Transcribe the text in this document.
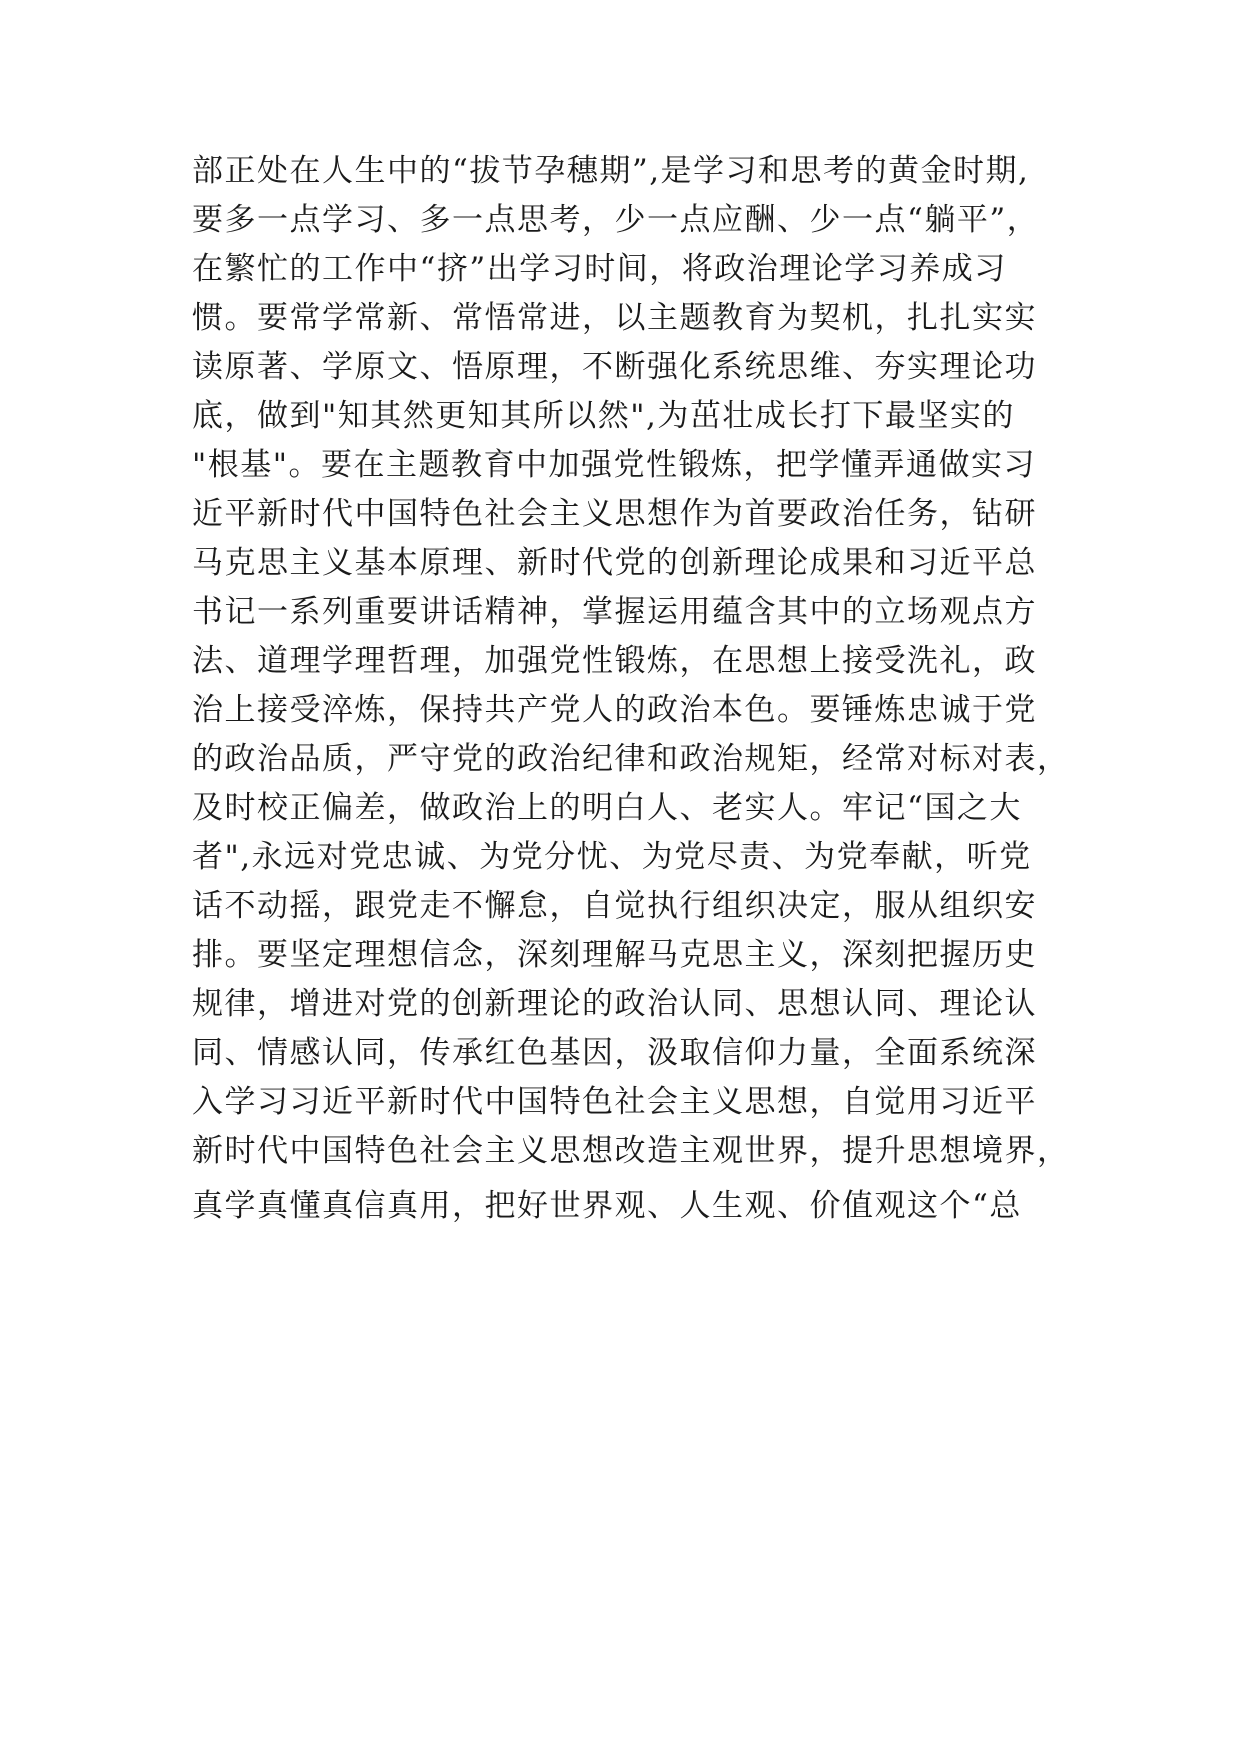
部正处在人生中的“拔节孕穗期”,是学习和思考的黄金时期,

要多一点学习、多一点思考，少一点应酬、少一点“躺平”，

在繁忙的工作中“挤”出学习时间，将政治理论学习养成习

惯。要常学常新、常悟常进，以主题教育为契机，扎扎实实

读原著、学原文、悟原理，不断强化系统思维、夯实理论功

底，做到"知其然更知其所以然",为茁壮成长打下最坚实的

"根基"。要在主题教育中加强党性锻炼，把学懂弄通做实习

近平新时代中国特色社会主义思想作为首要政治任务，钻研

马克思主义基本原理、新时代党的创新理论成果和习近平总

书记一系列重要讲话精神，掌握运用蕴含其中的立场观点方

法、道理学理哲理，加强党性锻炼，在思想上接受洗礼，政

治上接受淬炼，保持共产党人的政治本色。要锤炼忠诚于党

的政治品质，严守党的政治纪律和政治规矩，经常对标对表，

及时校正偏差，做政治上的明白人、老实人。牢记“国之大

者",永远对党忠诚、为党分忧、为党尽责、为党奉献，听党

话不动摇，跟党走不懈怠，自觉执行组织决定，服从组织安

排。要坚定理想信念，深刻理解马克思主义，深刻把握历史

规律，增进对党的创新理论的政治认同、思想认同、理论认

同、情感认同，传承红色基因，汲取信仰力量，全面系统深

入学习习近平新时代中国特色社会主义思想，自觉用习近平

新时代中国特色社会主义思想改造主观世界，提升思想境界，

真学真懂真信真用，把好世界观、人生观、价值观这个“总
